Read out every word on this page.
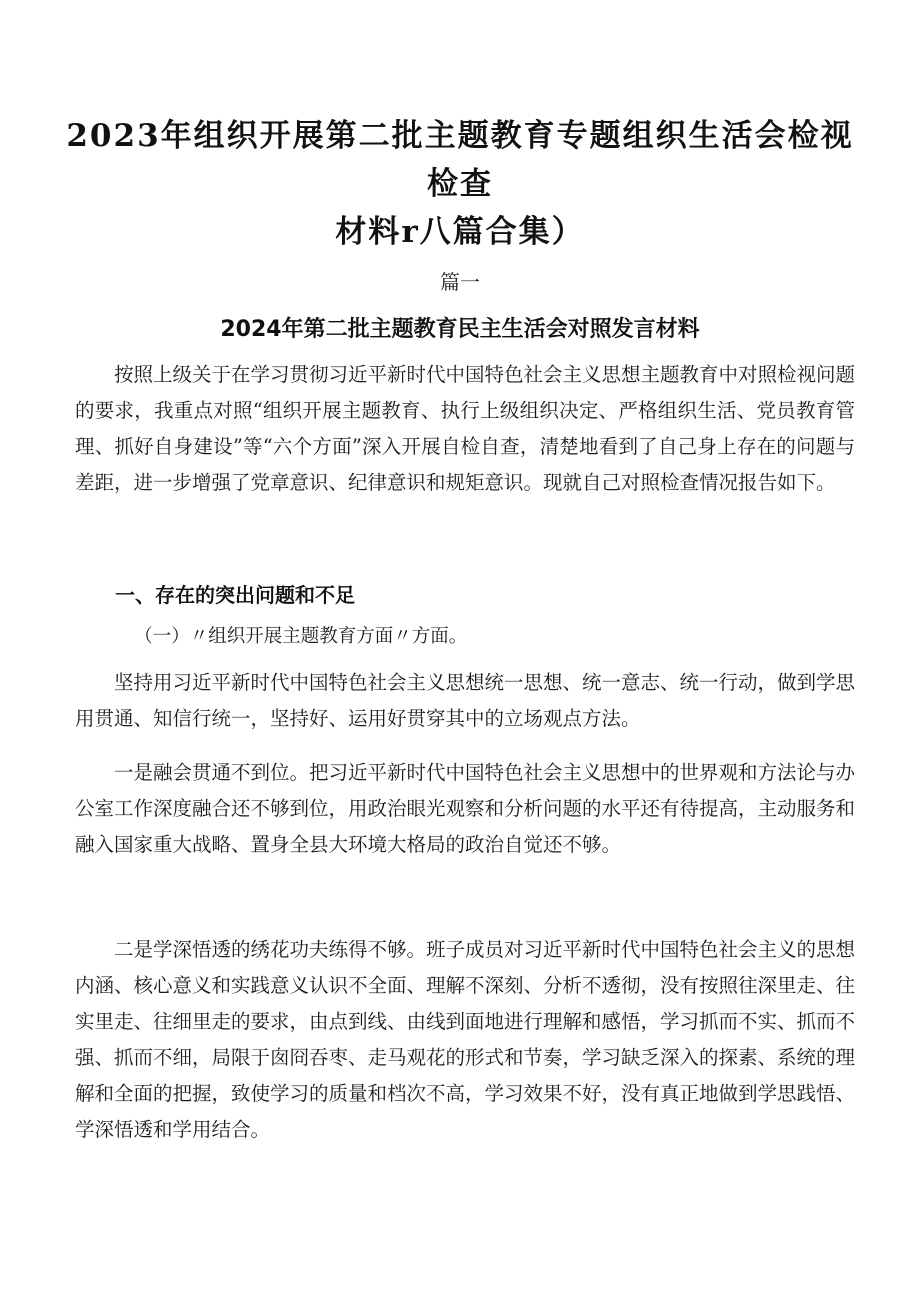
2023年组织开展第二批主题教育专题组织生活会检视检查
材料r八篇合集）

篇一

2024年第二批主题教育民主生活会对照发言材料

按照上级关于在学习贯彻习近平新时代中国特色社会主义思想主题教育中对照检视问题的要求，我重点对照“组织开展主题教育、执行上级组织决定、严格组织生活、党员教育管理、抓好自身建设”等“六个方面”深入开展自检自查，清楚地看到了自己身上存在的问题与差距，进一步增强了党章意识、纪律意识和规矩意识。现就自己对照检查情况报告如下。

一、存在的突出问题和不足

（一）〃组织开展主题教育方面〃方面。

坚持用习近平新时代中国特色社会主义思想统一思想、统一意志、统一行动，做到学思用贯通、知信行统一，坚持好、运用好贯穿其中的立场观点方法。

一是融会贯通不到位。把习近平新时代中国特色社会主义思想中的世界观和方法论与办公室工作深度融合还不够到位，用政治眼光观察和分析问题的水平还有待提高，主动服务和融入国家重大战略、置身全县大环境大格局的政治自觉还不够。

二是学深悟透的绣花功夫练得不够。班子成员对习近平新时代中国特色社会主义的思想内涵、核心意义和实践意义认识不全面、理解不深刻、分析不透彻，没有按照往深里走、往实里走、往细里走的要求，由点到线、由线到面地进行理解和感悟，学习抓而不实、抓而不强、抓而不细，局限于囱冏吞枣、走马观花的形式和节奏，学习缺乏深入的探素、系统的理解和全面的把握，致使学习的质量和档次不高，学习效果不好，没有真正地做到学思践悟、学深悟透和学用结合。
